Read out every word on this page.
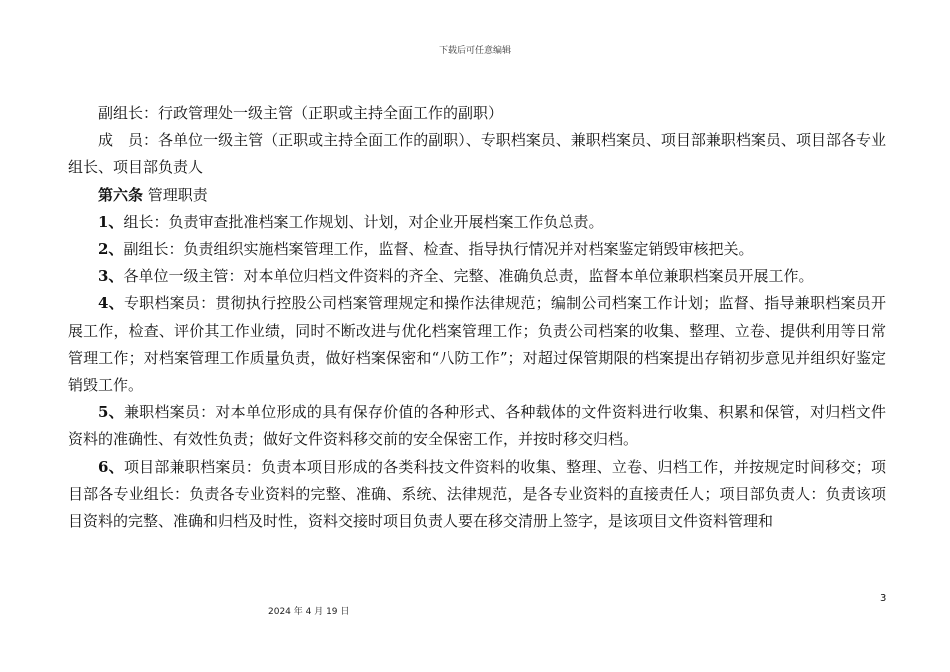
下载后可任意编辑

副组长：行政管理处一级主管（正职或主持全面工作的副职）

成　员：各单位一级主管（正职或主持全面工作的副职）、专职档案员、兼职档案员、项目部兼职档案员、项目部各专业组长、项目部负责人

第六条 管理职责

1、组长：负责审查批准档案工作规划、计划，对企业开展档案工作负总责。

2、副组长：负责组织实施档案管理工作，监督、检查、指导执行情况并对档案鉴定销毁审核把关。

3、各单位一级主管：对本单位归档文件资料的齐全、完整、准确负总责，监督本单位兼职档案员开展工作。

4、专职档案员：贯彻执行控股公司档案管理规定和操作法律规范；编制公司档案工作计划；监督、指导兼职档案员开展工作，检查、评价其工作业绩，同时不断改进与优化档案管理工作；负责公司档案的收集、整理、立卷、提供利用等日常管理工作；对档案管理工作质量负责，做好档案保密和“八防工作”；对超过保管期限的档案提出存销初步意见并组织好鉴定销毁工作。

5、兼职档案员：对本单位形成的具有保存价值的各种形式、各种载体的文件资料进行收集、积累和保管，对归档文件资料的准确性、有效性负责；做好文件资料移交前的安全保密工作，并按时移交归档。

6、项目部兼职档案员：负责本项目形成的各类科技文件资料的收集、整理、立卷、归档工作，并按规定时间移交；项目部各专业组长：负责各专业资料的完整、准确、系统、法律规范，是各专业资料的直接责任人；项目部负责人：负责该项目资料的完整、准确和归档及时性，资料交接时项目负责人要在移交清册上签字，是该项目文件资料管理和

3
2024 年 4 月 19 日
